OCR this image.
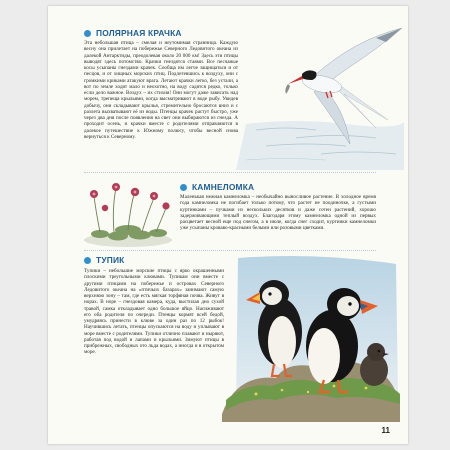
ПОЛЯРНАЯ КРАЧКА

Эта небольшая птица – смелая и неутомимая странница. Каждую весну она прилетает на побережье Северного Ледовитого океана из далекой Антарктиды, преодолевая около 20 000 км! Здесь эти птицы выводят здесь потомство. Крачки гнездятся стаями. Все песчаные косы усыпаны гнездами крачек. Сообща им легче защищаться и от песцов, и от хищных морских птиц. Подлетевшись к воздуху, они с громкими криками атакуют врага. Летают крачки легко, без устали, а вот по земле ходят мало и неохотно, на воду садятся редко, только если дело важное. Воздух – их стихия! Они могут даже зависать над морем, трепеща крыльями, когда высматривают в воде рыбу. Увидев добычу, они складывают крылья, стремительно бросаются вниз и с разлета выхватывают её из воды. Птенцы крачек растут быстро, уже через два дня после появления на свет они выбираются из гнезда. А проходит осень, и крачки вместе с родителями отправляются в далекое путешествие к Южному полюсу, чтобы весной снова вернуться к Северному.

КАМНЕЛОМКА

Маленькая нежная камнеломка – необычайно выносливое растение. В холодное время года камнеломка не погибает только потому, что растет не поодиночке, а густыми куртинками – пучками из нескольких десятков и даже сотен растений, хорошо задерживающими теплый воздух. Благодаря этому камнеломка одной из первых расцветает весной еще под снегом, а в июле, когда снег сходит, куртинки камнеломки уже усыпаны кроваво-красными белыми или розовыми цветками.

ТУПИК

Тупики – небольшие морские птицы с ярко окрашенными плоскими треугольными клювами. Тупикам они вместе с другими птицами на побережье и островах Северного Ледовитого океана на «птичьих базарах» занимают самую верхнюю зону – там, где есть мягкая торфяная почва. Живут в норах. В норе – гнездовая камера, куда, выстилая дно сухой травой, самка откладывает одно большое яйцо. Насиживают его оба родителя по очереди. Птенцы кормят всей бедой, умудряясь принести в клюве за один раз по 12 рыбок! Научившись летать, птенцы опускаются на воду и уплывают в море вместе с родителями. Тупики отлично плавают и ныряют, работая под водой и лапами и крыльями. Зимуют птицы в прибрежных, свободных ото льда водах, а иногда и в открытом море.

11
